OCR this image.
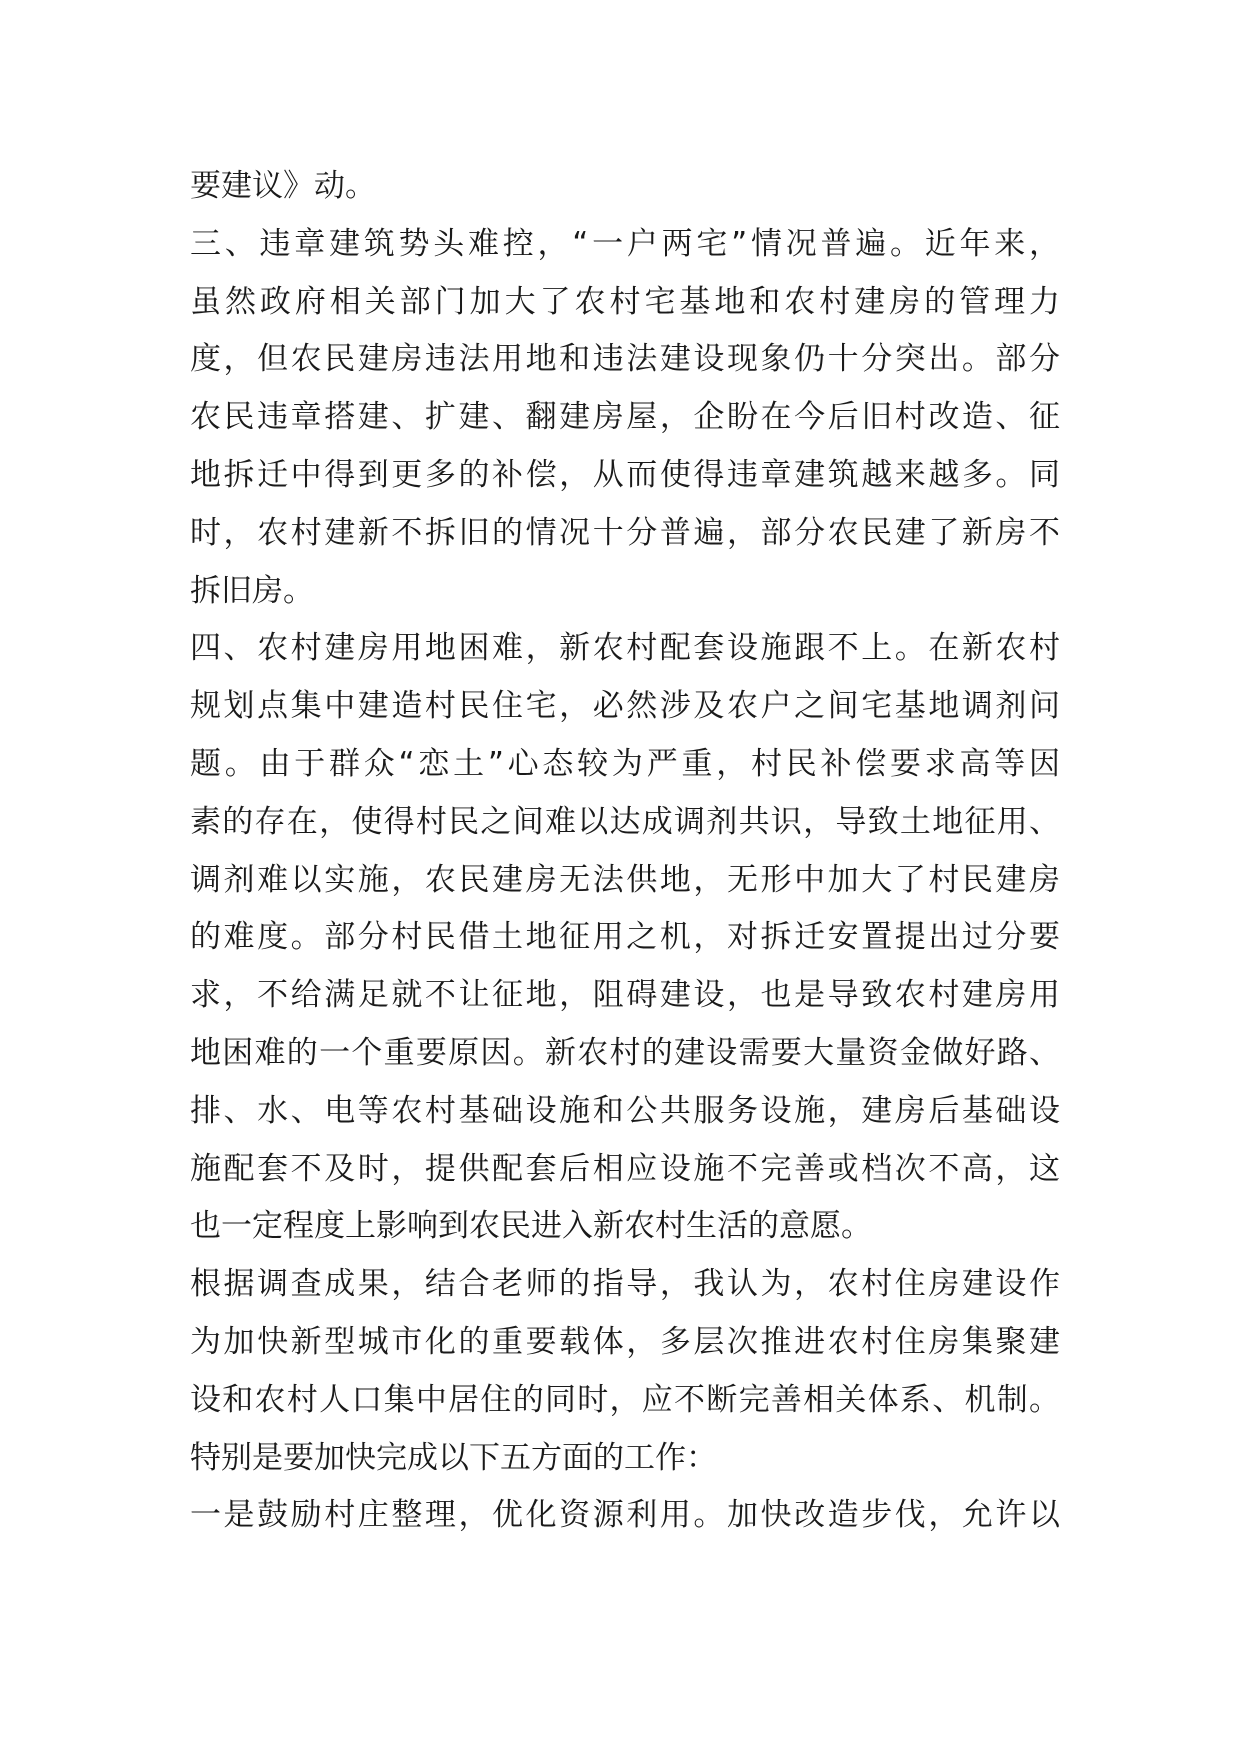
要建议》动。
三、违章建筑势头难控，“一户两宅”情况普遍。近年来，
虽然政府相关部门加大了农村宅基地和农村建房的管理力
度，但农民建房违法用地和违法建设现象仍十分突出。部分
农民违章搭建、扩建、翻建房屋，企盼在今后旧村改造、征
地拆迁中得到更多的补偿，从而使得违章建筑越来越多。同
时，农村建新不拆旧的情况十分普遍，部分农民建了新房不
拆旧房。
四、农村建房用地困难，新农村配套设施跟不上。在新农村
规划点集中建造村民住宅，必然涉及农户之间宅基地调剂问
题。由于群众“恋土”心态较为严重，村民补偿要求高等因
素的存在，使得村民之间难以达成调剂共识，导致土地征用、
调剂难以实施，农民建房无法供地，无形中加大了村民建房
的难度。部分村民借土地征用之机，对拆迁安置提出过分要
求，不给满足就不让征地，阻碍建设，也是导致农村建房用
地困难的一个重要原因。新农村的建设需要大量资金做好路、
排、水、电等农村基础设施和公共服务设施，建房后基础设
施配套不及时，提供配套后相应设施不完善或档次不高，这
也一定程度上影响到农民进入新农村生活的意愿。
根据调查成果，结合老师的指导，我认为，农村住房建设作
为加快新型城市化的重要载体，多层次推进农村住房集聚建
设和农村人口集中居住的同时，应不断完善相关体系、机制。
特别是要加快完成以下五方面的工作：
一是鼓励村庄整理，优化资源利用。加快改造步伐，允许以
